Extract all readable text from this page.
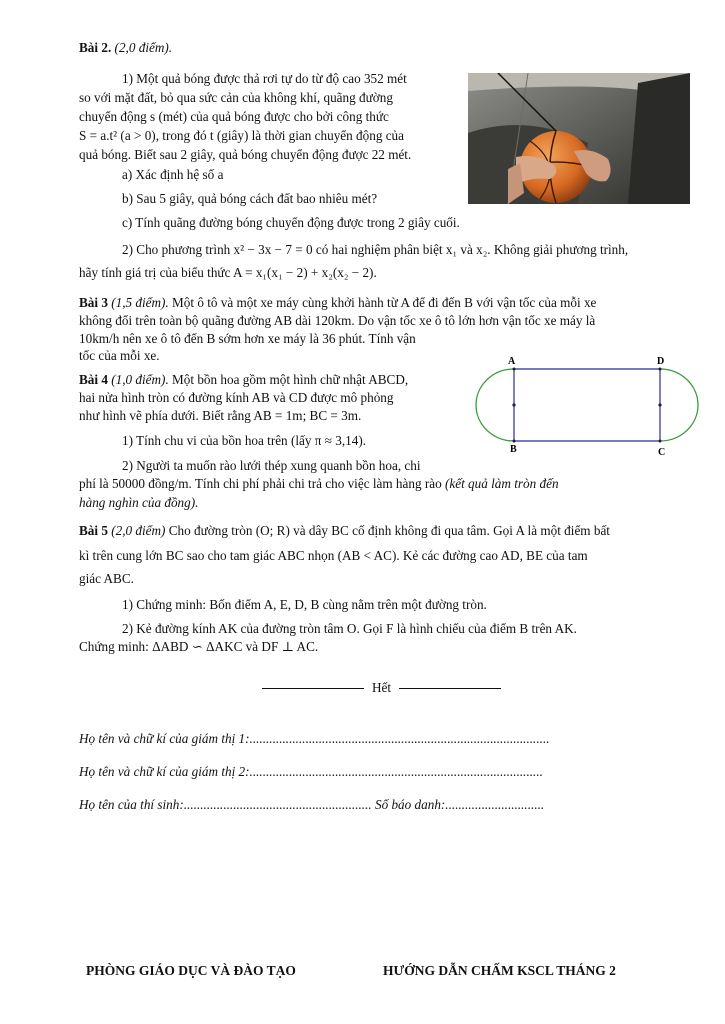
Bài 2. (2,0 điểm).

1) Một quả bóng được thả rơi tự do từ độ cao 352 mét

so với mặt đất, bỏ qua sức cản của không khí, quãng đường

chuyển động s (mét) của quả bóng được cho bởi công thức

S = a.t² (a > 0), trong đó t (giây) là thời gian chuyển động của

quả bóng. Biết sau 2 giây, quả bóng chuyển động được 22 mét.

a) Xác định hệ số a

b) Sau 5 giây, quả bóng cách đất bao nhiêu mét?

c) Tính quãng đường bóng chuyển động được trong 2 giây cuối.

2) Cho phương trình x² − 3x − 7 = 0 có hai nghiệm phân biệt x₁ và x₂. Không giải phương trình,

hãy tính giá trị của biểu thức A = x₁(x₁ − 2) + x₂(x₂ − 2).

Bài 3 (1,5 điểm). Một ô tô và một xe máy cùng khởi hành từ A để đi đến B với vận tốc của mỗi xe

không đổi trên toàn bộ quãng đường AB dài 120km. Do vận tốc xe ô tô lớn hơn vận tốc xe máy là

10km/h nên xe ô tô đến B sớm hơn xe máy là 36 phút. Tính vận

tốc của mỗi xe.

Bài 4 (1,0 điểm). Một bồn hoa gồm một hình chữ nhật ABCD,

hai nửa hình tròn có đường kính AB và CD được mô phỏng

như hình vẽ phía dưới. Biết rằng AB = 1m; BC = 3m.

1) Tính chu vi của bồn hoa trên (lấy π ≈ 3,14).

2) Người ta muốn rào lưới thép xung quanh bồn hoa, chi

phí là 50000 đồng/m. Tính chi phí phải chi trả cho việc làm hàng rào (kết quả làm tròn đến

hàng nghìn của đồng).

A
B	C
D

Bài 5 (2,0 điểm) Cho đường tròn (O; R) và dây BC cố định không đi qua tâm. Gọi A là một điểm bất

kì trên cung lớn BC sao cho tam giác ABC nhọn (AB < AC). Kẻ các đường cao AD, BE của tam

giác ABC.

1) Chứng minh: Bốn điểm A, E, D, B cùng nằm trên một đường tròn.

2) Kẻ đường kính AK của đường tròn tâm O. Gọi F là hình chiếu của điểm B trên AK.

Chứng minh: ΔABD ∽ ΔAKC và DF ⊥ AC.

Hết

Họ tên và chữ kí của giám thị 1:...........................................................................................

Họ tên và chữ kí của giám thị 2:.........................................................................................

Họ tên của thí sinh:......................................................... Số báo danh:..............................

PHÒNG GIÁO DỤC VÀ ĐÀO TẠO	HƯỚNG DẪN CHẤM KSCL THÁNG 2
